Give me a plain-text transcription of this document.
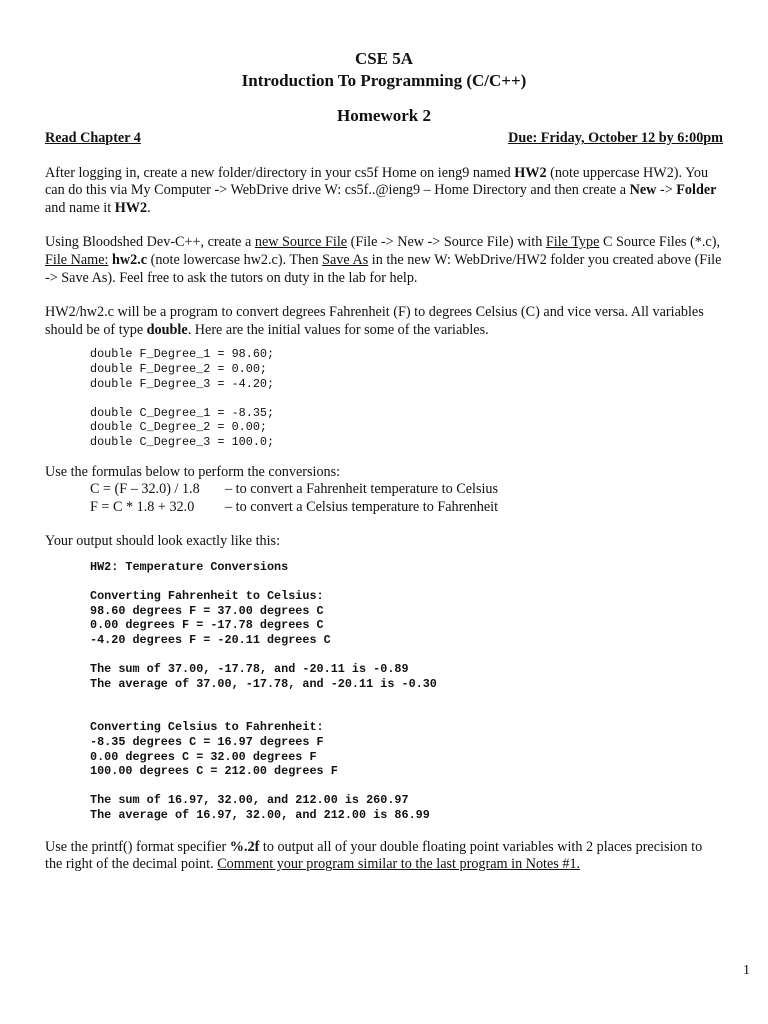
CSE 5A
Introduction To Programming (C/C++)
Homework 2
Read Chapter 4	Due: Friday, October 12 by 6:00pm

After logging in, create a new folder/directory in your cs5f Home on ieng9 named HW2 (note uppercase HW2). You can do this via My Computer -> WebDrive drive W: cs5f..@ieng9 – Home Directory and then create a New -> Folder and name it HW2.

Using Bloodshed Dev-C++, create a new Source File (File -> New -> Source File) with File Type C Source Files (*.c), File Name: hw2.c (note lowercase hw2.c). Then Save As in the new W: WebDrive/HW2 folder you created above (File -> Save As). Feel free to ask the tutors on duty in the lab for help.

HW2/hw2.c will be a program to convert degrees Fahrenheit (F) to degrees Celsius (C) and vice versa. All variables should be of type double. Here are the initial values for some of the variables.

double F_Degree_1 = 98.60;
double F_Degree_2 = 0.00;
double F_Degree_3 = -4.20;

double C_Degree_1 = -8.35;
double C_Degree_2 = 0.00;
double C_Degree_3 = 100.0;

Use the formulas below to perform the conversions:

C = (F – 32.0) / 1.8	– to convert a Fahrenheit temperature to Celsius
F = C * 1.8 + 32.0	– to convert a Celsius temperature to Fahrenheit

Your output should look exactly like this:

HW2: Temperature Conversions

Converting Fahrenheit to Celsius:
98.60 degrees F = 37.00 degrees C
0.00 degrees F = -17.78 degrees C
-4.20 degrees F = -20.11 degrees C

The sum of 37.00, -17.78, and -20.11 is -0.89
The average of 37.00, -17.78, and -20.11 is -0.30

Converting Celsius to Fahrenheit:
-8.35 degrees C = 16.97 degrees F
0.00 degrees C = 32.00 degrees F
100.00 degrees C = 212.00 degrees F

The sum of 16.97, 32.00, and 212.00 is 260.97
The average of 16.97, 32.00, and 212.00 is 86.99

Use the printf() format specifier %.2f to output all of your double floating point variables with 2 places precision to the right of the decimal point. Comment your program similar to the last program in Notes #1.

1
